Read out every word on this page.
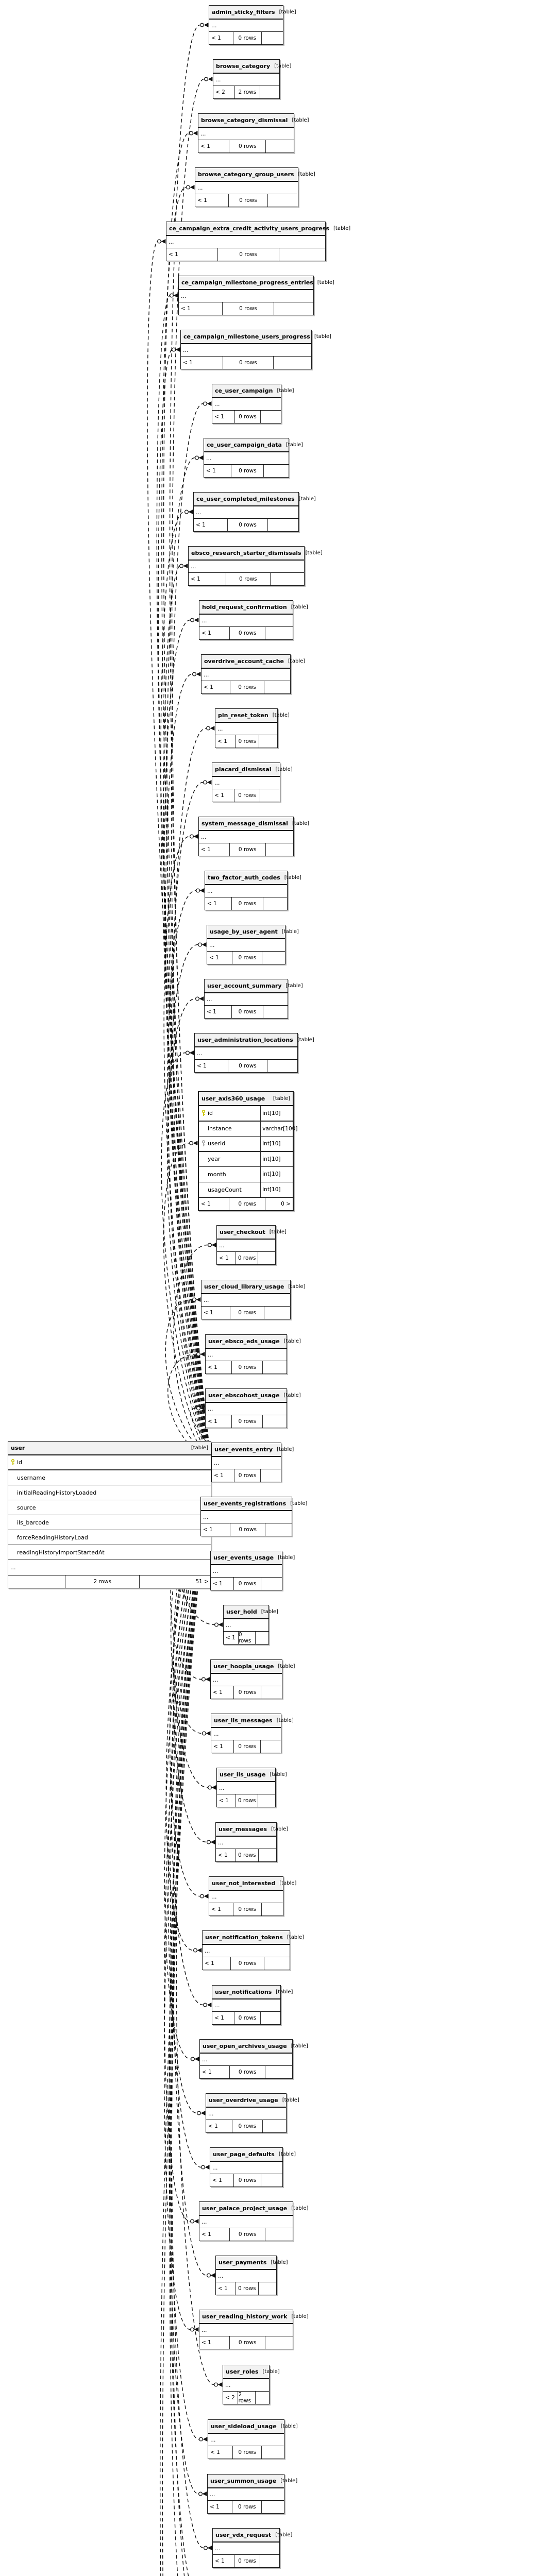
user	[table]
id
username
initialReadingHistoryLoaded
source
ils_barcode
forceReadingHistoryLoad
readingHistoryImportStartedAt
...
2 rows	51 >
admin_sticky_filters [table]
...
< 1	0 rows
browse_category [table]
...
< 2	2 rows
browse_category_dismissal [table]
...
< 1	0 rows
browse_category_group_users [table]
...
< 1	0 rows
ce_campaign_extra_credit_activity_users_progress [table]
...
< 1	0 rows
ce_campaign_milestone_progress_entries [table]
...
< 1	0 rows
ce_campaign_milestone_users_progress [table]
...
< 1	0 rows
ce_user_campaign [table]
...
< 1	0 rows
ce_user_campaign_data [table]
...
< 1	0 rows
ce_user_completed_milestones [table]
...
< 1	0 rows
ebsco_research_starter_dismissals [table]
...
< 1	0 rows
hold_request_confirmation [table]
...
< 1	0 rows
overdrive_account_cache [table]
...
< 1	0 rows
pin_reset_token [table]
...
< 1	0 rows
placard_dismissal [table]
...
< 1	0 rows
system_message_dismissal [table]
...
< 1	0 rows
two_factor_auth_codes [table]
...
< 1	0 rows
usage_by_user_agent [table]
...
< 1	0 rows
user_account_summary [table]
...
< 1	0 rows
user_administration_locations [table]
...
< 1	0 rows
user_axis360_usage [table]
id	int[10]
instance	varchar[100]
userId	int[10]
year	int[10]
month	int[10]
usageCount	int[10]
< 1	0 rows	0 >
user_checkout [table]
...
< 1	0 rows
user_cloud_library_usage [table]
...
< 1	0 rows
user_ebsco_eds_usage [table]
...
< 1	0 rows
user_ebscohost_usage [table]
...
< 1	0 rows
user_events_entry [table]
...
< 1	0 rows
user_events_registrations [table]
...
< 1	0 rows
user_events_usage [table]
...
< 1	0 rows
user_hold [table]
...
< 1 0 rows
user_hoopla_usage [table]
...
< 1	0 rows
user_ils_messages [table]
...
< 1	0 rows
user_ils_usage [table]
...
< 1	0 rows
user_messages [table]
...
< 1	0 rows
user_not_interested [table]
...
< 1	0 rows
user_notification_tokens [table]
...
< 1	0 rows
user_notifications [table]
...
< 1	0 rows
user_open_archives_usage [table]
...
< 1	0 rows
user_overdrive_usage [table]
...
< 1	0 rows
user_page_defaults [table]
...
< 1	0 rows
user_palace_project_usage [table]
...
< 1	0 rows
user_payments [table]
...
< 1	0 rows
user_reading_history_work [table]
...
< 1	0 rows
user_roles [table]
...
< 2 2 rows
user_sideload_usage [table]
...
< 1	0 rows
user_summon_usage [table]
...
< 1	0 rows
user_vdx_request [table]
...
< 1	0 rows
